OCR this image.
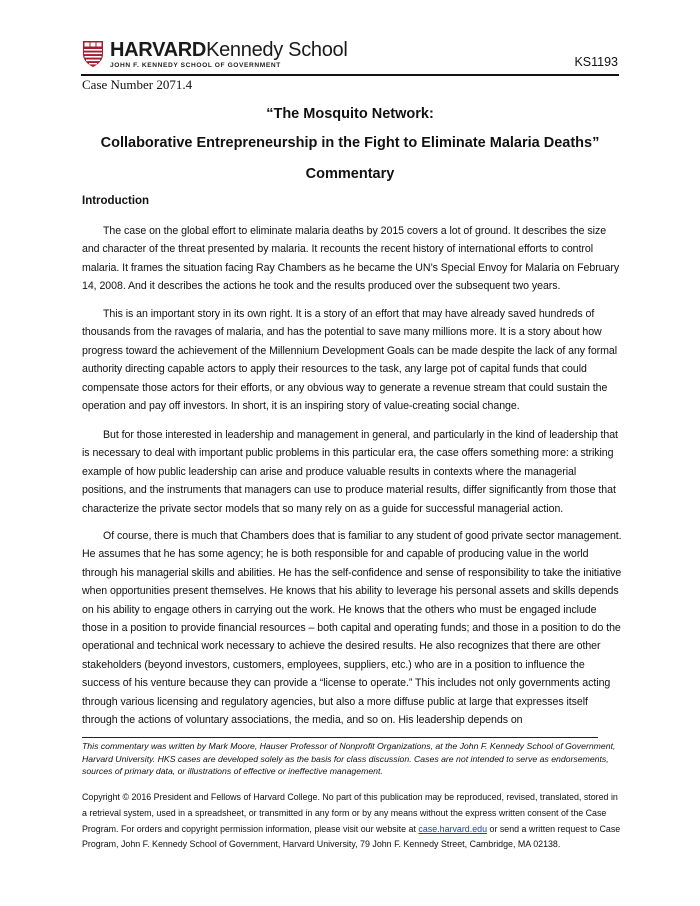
HARVARDKennedy School
JOHN F. KENNEDY SCHOOL OF GOVERNMENT	KS1193
Case Number 2071.4
“The Mosquito Network:
Collaborative Entrepreneurship in the Fight to Eliminate Malaria Deaths”
Commentary
Introduction

The case on the global effort to eliminate malaria deaths by 2015 covers a lot of ground. It describes the size and character of the threat presented by malaria. It recounts the recent history of international efforts to control malaria. It frames the situation facing Ray Chambers as he became the UN’s Special Envoy for Malaria on February 14, 2008. And it describes the actions he took and the results produced over the subsequent two years.

This is an important story in its own right. It is a story of an effort that may have already saved hundreds of thousands from the ravages of malaria, and has the potential to save many millions more. It is a story about how progress toward the achievement of the Millennium Development Goals can be made despite the lack of any formal authority directing capable actors to apply their resources to the task, any large pot of capital funds that could compensate those actors for their efforts, or any obvious way to generate a revenue stream that could sustain the operation and pay off investors. In short, it is an inspiring story of value-creating social change.

But for those interested in leadership and management in general, and particularly in the kind of leadership that is necessary to deal with important public problems in this particular era, the case offers something more: a striking example of how public leadership can arise and produce valuable results in contexts where the managerial positions, and the instruments that managers can use to produce material results, differ significantly from those that characterize the private sector models that so many rely on as a guide for successful managerial action.

Of course, there is much that Chambers does that is familiar to any student of good private sector management. He assumes that he has some agency; he is both responsible for and capable of producing value in the world through his managerial skills and abilities. He has the self-confidence and sense of responsibility to take the initiative when opportunities present themselves. He knows that his ability to leverage his personal assets and skills depends on his ability to engage others in carrying out the work. He knows that the others who must be engaged include those in a position to provide financial resources – both capital and operating funds; and those in a position to do the operational and technical work necessary to achieve the desired results. He also recognizes that there are other stakeholders (beyond investors, customers, employees, suppliers, etc.) who are in a position to influence the success of his venture because they can provide a “license to operate.” This includes not only governments acting through various licensing and regulatory agencies, but also a more diffuse public at large that expresses itself through the actions of voluntary associations, the media, and so on. His leadership depends on

This commentary was written by Mark Moore, Hauser Professor of Nonprofit Organizations, at the John F. Kennedy School of Government, Harvard University. HKS cases are developed solely as the basis for class discussion. Cases are not intended to serve as endorsements, sources of primary data, or illustrations of effective or ineffective management.

Copyright © 2016 President and Fellows of Harvard College. No part of this publication may be reproduced, revised, translated, stored in a retrieval system, used in a spreadsheet, or transmitted in any form or by any means without the express written consent of the Case Program. For orders and copyright permission information, please visit our website at case.harvard.edu or send a written request to Case Program, John F. Kennedy School of Government, Harvard University, 79 John F. Kennedy Street, Cambridge, MA 02138.
